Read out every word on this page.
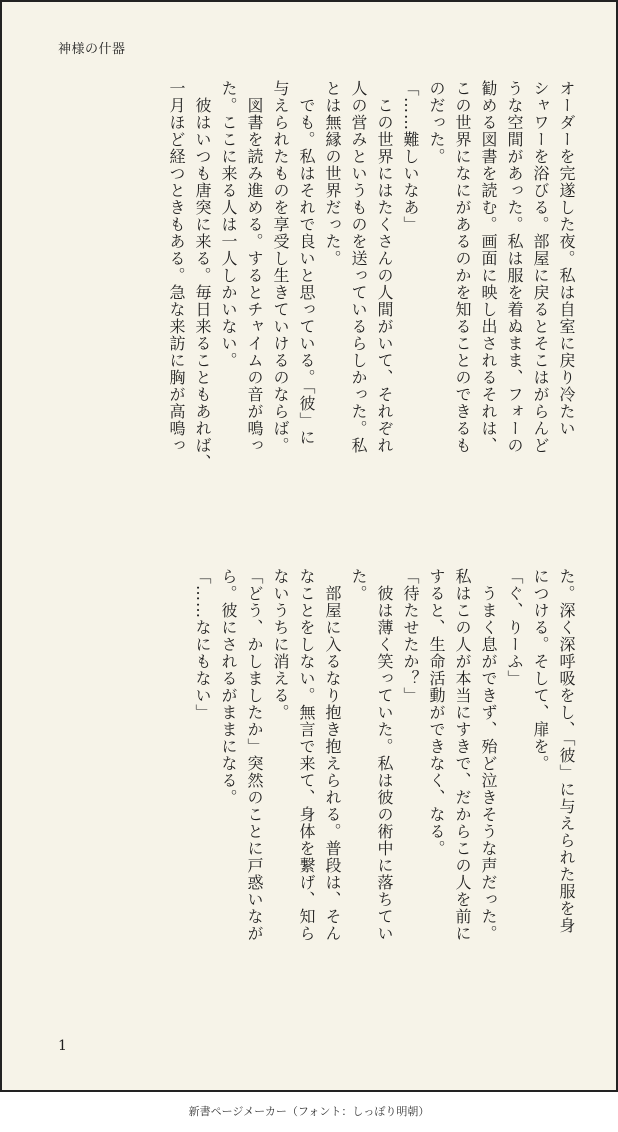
神様の什器
オーダーを完遂した夜。私は自室に戻り冷たい
シャワーを浴びる。部屋に戻るとそこはがらんど
うな空間があった。私は服を着ぬまま、フォーの
勧める図書を読む。画面に映し出されるそれは、
この世界になにがあるのかを知ることのできるも
のだった。
「……難しいなあ」
　この世界にはたくさんの人間がいて、それぞれ
人の営みというものを送っているらしかった。私
とは無縁の世界だった。
　でも。私はそれで良いと思っている。「彼」に
与えられたものを享受し生きていけるのならば。
　図書を読み進める。するとチャイムの音が鳴っ
た。ここに来る人は一人しかいない。
　彼はいつも唐突に来る。毎日来ることもあれば、
一月ほど経つときもある。急な来訪に胸が高鳴っ
た。深く深呼吸をし、「彼」に与えられた服を身
につける。そして、扉を。
「ぐ、りーふ」
　うまく息ができず、殆ど泣きそうな声だった。
私はこの人が本当にすきで、だからこの人を前に
すると、生命活動ができなく、なる。
「待たせたか？」
　彼は薄く笑っていた。私は彼の術中に落ちてい
た。
　部屋に入るなり抱き抱えられる。普段は、そん
なことをしない。無言で来て、身体を繋げ、知ら
ないうちに消える。
「どう、かしましたか」突然のことに戸惑いなが
ら。彼にされるがままになる。
「……なにもない」
1
新書ページメーカー（フォント：しっぽり明朝）
